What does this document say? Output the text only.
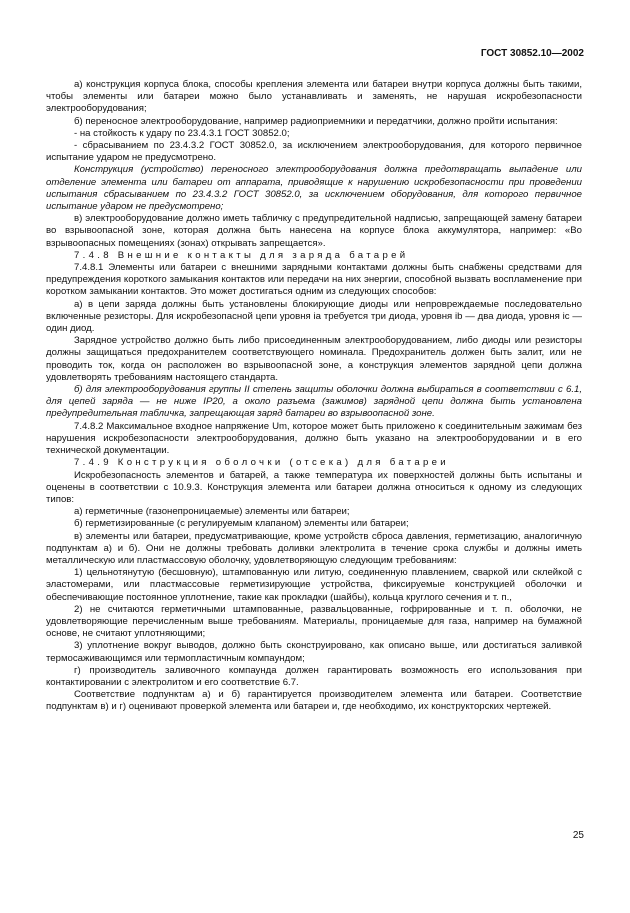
ГОСТ 30852.10—2002

а) конструкция корпуса блока, способы крепления элемента или батареи внутри корпуса должны быть такими, чтобы элементы или батареи можно было устанавливать и заменять, не нарушая искробезопасности электрооборудования;

б) переносное электрооборудование, например радиоприемники и передатчики, должно пройти испытания:

- на стойкость к удару по 23.4.3.1 ГОСТ 30852.0;

- сбрасыванием по 23.4.3.2 ГОСТ 30852.0, за исключением электрооборудования, для которого первичное испытание ударом не предусмотрено.

Конструкция (устройство) переносного электрооборудования должна предотвращать выпадение или отделение элемента или батареи от аппарата, приводящие к нарушению искробезопасности при проведении испытания сбрасыванием по 23.4.3.2 ГОСТ 30852.0, за исключением оборудования, для которого первичное испытание ударом не предусмотрено;

в) электрооборудование должно иметь табличку с предупредительной надписью, запрещающей замену батареи во взрывоопасной зоне, которая должна быть нанесена на корпусе блока аккумулятора, например: «Во взрывоопасных помещениях (зонах) открывать запрещается».

7.4.8 Внешние контакты для заряда батарей

7.4.8.1 Элементы или батареи с внешними зарядными контактами должны быть снабжены средствами для предупреждения короткого замыкания контактов или передачи на них энергии, способной вызвать воспламенение при коротком замыкании контактов. Это может достигаться одним из следующих способов:

а) в цепи заряда должны быть установлены блокирующие диоды или непровреждаемые последовательно включенные резисторы. Для искробезопасной цепи уровня ia требуется три диода, уровня ib — два диода, уровня ic — один диод.

Зарядное устройство должно быть либо присоединенным электрооборудованием, либо диоды или резисторы должны защищаться предохранителем соответствующего номинала. Предохранитель должен быть залит, или не проводить ток, когда он расположен во взрывоопасной зоне, а конструкция элементов зарядной цепи должна удовлетворять требованиям настоящего стандарта.

б) для электрооборудования группы II степень защиты оболочки должна выбираться в соответствии с 6.1, для цепей заряда — не ниже IP20, а около разъема (зажимов) зарядной цепи должна быть установлена предупредительная табличка, запрещающая заряд батареи во взрывоопасной зоне.

7.4.8.2 Максимальное входное напряжение Um, которое может быть приложено к соединительным зажимам без нарушения искробезопасности электрооборудования, должно быть указано на электрооборудовании и в его технической документации.

7.4.9 Конструкция оболочки (отсека) для батареи

Искробезопасность элементов и батарей, а также температура их поверхностей должны быть испытаны и оценены в соответствии с 10.9.3. Конструкция элемента или батареи должна относиться к одному из следующих типов:

а) герметичные (газонепроницаемые) элементы или батареи;

б) герметизированные (с регулируемым клапаном) элементы или батареи;

в) элементы или батареи, предусматривающие, кроме устройств сброса давления, герметизацию, аналогичную подпунктам а) и б). Они не должны требовать доливки электролита в течение срока службы и должны иметь металлическую или пластмассовую оболочку, удовлетворяющую следующим требованиям:

1) цельнотянутую (бесшовную), штампованную или литую, соединенную плавлением, сваркой или склейкой с эластомерами, или пластмассовые герметизирующие устройства, фиксируемые конструкцией оболочки и обеспечивающие постоянное уплотнение, такие как прокладки (шайбы), кольца круглого сечения и т. п.,

2) не считаются герметичными штампованные, развальцованные, гофрированные и т. п. оболочки, не удовлетворяющие перечисленным выше требованиям. Материалы, проницаемые для газа, например на бумажной основе, не считают уплотняющими;

3) уплотнение вокруг выводов, должно быть сконструировано, как описано выше, или достигаться заливкой термосаживающимся или термопластичным компаундом;

г) производитель заливочного компаунда должен гарантировать возможность его использования при контактировании с электролитом и его соответствие 6.7.

Соответствие подпунктам а) и б) гарантируется производителем элемента или батареи. Соответствие подпунктам в) и г) оценивают проверкой элемента или батареи и, где необходимо, их конструкторских чертежей.

25
